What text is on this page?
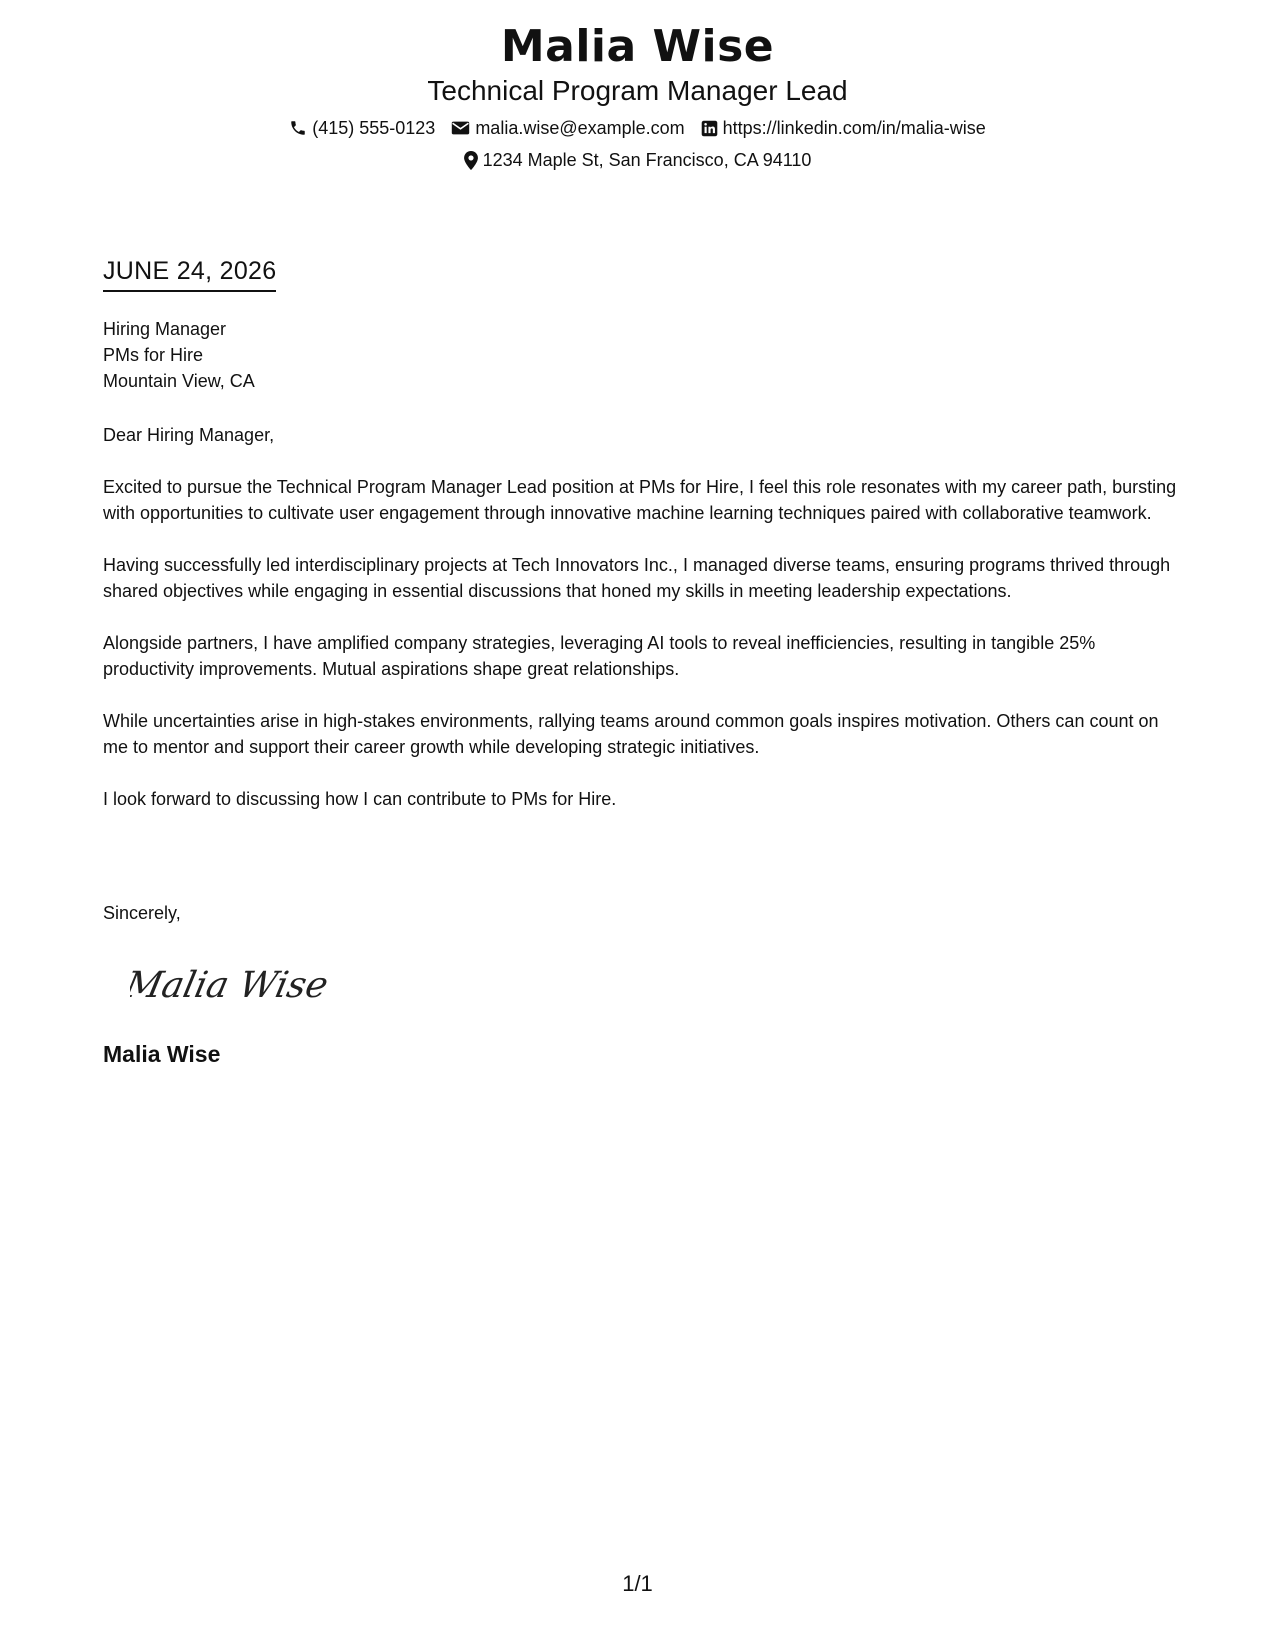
Malia Wise
Technical Program Manager Lead
(415) 555-0123 malia.wise@example.com https://linkedin.com/in/malia-wise
1234 Maple St, San Francisco, CA 94110
JUNE 24, 2026
Hiring Manager
PMs for Hire
Mountain View, CA
Dear Hiring Manager,
Excited to pursue the Technical Program Manager Lead position at PMs for Hire, I feel this role resonates with my career path, bursting with opportunities to cultivate user engagement through innovative machine learning techniques paired with collaborative teamwork.
Having successfully led interdisciplinary projects at Tech Innovators Inc., I managed diverse teams, ensuring programs thrived through shared objectives while engaging in essential discussions that honed my skills in meeting leadership expectations.
Alongside partners, I have amplified company strategies, leveraging AI tools to reveal inefficiencies, resulting in tangible 25% productivity improvements. Mutual aspirations shape great relationships.
While uncertainties arise in high-stakes environments, rallying teams around common goals inspires motivation. Others can count on me to mentor and support their career growth while developing strategic initiatives.
I look forward to discussing how I can contribute to PMs for Hire.
Sincerely,
Malia Wise
Malia Wise
1/1
